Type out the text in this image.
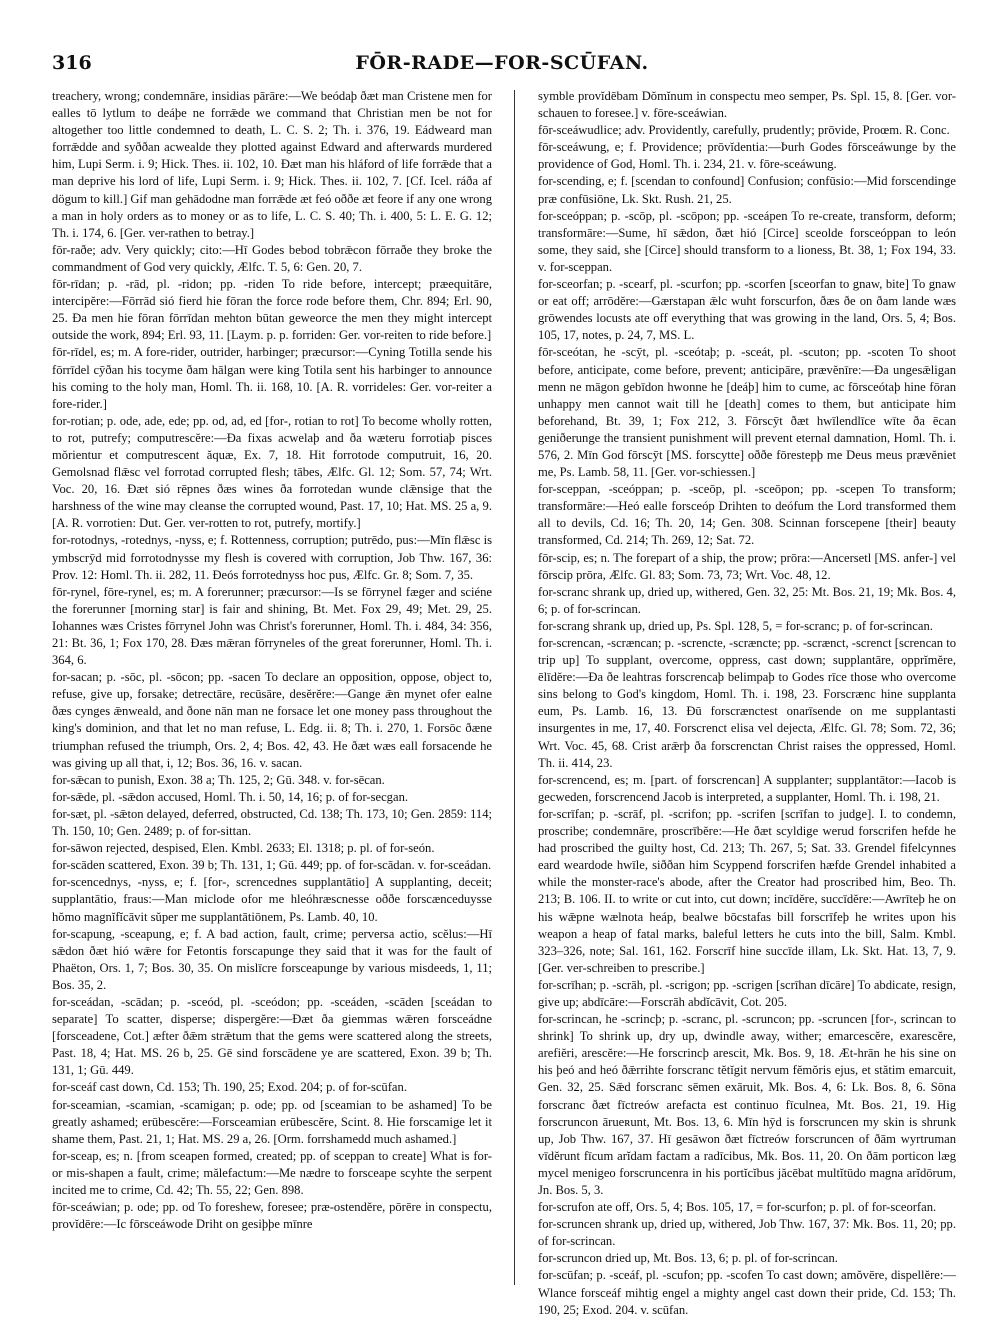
316	FŌR-RADE—FOR-SCŪFAN.

treachery, wrong; condemnāre, insidias pārāre:—We beódaþ ðæt man Cristene men for ealles tō lytlum to deáþe ne forrǣde we command that Christian men be not for altogether too little condemned to death, L. C. S. 2; Th. i. 376, 19. Eádweard man forrǣdde and syððan acwealde they plotted against Edward and afterwards murdered him, Lupi Serm. i. 9; Hick. Thes. ii. 102, 10. Ðæt man his hláford of life forrǣde that a man deprive his lord of life, Lupi Serm. i. 9; Hick. Thes. ii. 102, 7. [Cf. Icel. ráða af dögum to kill.] Gif man gehādodne man forrǣde æt feó oððe æt feore if any one wrong a man in holy orders as to money or as to life, L. C. S. 40; Th. i. 400, 5: L. E. G. 12; Th. i. 174, 6. [Ger. ver-rathen to betray.]

fōr-raðe; adv. Very quickly; cito:—Hī Godes bebod tobrǣcon fōrraðe they broke the commandment of God very quickly, Ælfc. T. 5, 6: Gen. 20, 7.

fōr-rīdan; p. -rād, pl. -ridon; pp. -riden To ride before, intercept; præequitāre, intercipĕre:—Fōrrād sió fierd hie fōran the force rode before them, Chr. 894; Erl. 90, 25. Ða men hie fōran fōrrīdan mehton būtan geweorce the men they might intercept outside the work, 894; Erl. 93, 11. [Laym. p. p. forriden: Ger. vor-reiten to ride before.]

fōr-rīdel, es; m. A fore-rider, outrider, harbinger; præcursor:—Cyning Totilla sende his fōrrīdel cȳðan his tocyme ðam hālgan were king Totila sent his harbinger to announce his coming to the holy man, Homl. Th. ii. 168, 10. [A. R. vorrideles: Ger. vor-reiter a fore-rider.]

for-rotian; p. ode, ade, ede; pp. od, ad, ed [for-, rotian to rot] To become wholly rotten, to rot, putrefy; computrescĕre:—Ða fixas acwelaþ and ða wæteru forrotiaþ pisces mŏrientur et computrescent ăquæ, Ex. 7, 18. Hit forrotode computruit, 16, 20. Gemolsnad flǣsc vel forrotad corrupted flesh; tābes, Ælfc. Gl. 12; Som. 57, 74; Wrt. Voc. 20, 16. Ðæt sió rēpnes ðæs wines ða forrotedan wunde clǣnsige that the harshness of the wine may cleanse the corrupted wound, Past. 17, 10; Hat. MS. 25 a, 9. [A. R. vorrotien: Dut. Ger. ver-rotten to rot, putrefy, mortify.]

for-rotodnys, -rotednys, -nyss, e; f. Rottenness, corruption; putrēdo, pus:—Mīn flǣsc is ymbscrȳd mid forrotodnysse my flesh is covered with corruption, Job Thw. 167, 36: Prov. 12: Homl. Th. ii. 282, 11. Ðeós forrotednyss hoc pus, Ælfc. Gr. 8; Som. 7, 35.

fōr-rynel, fōre-rynel, es; m. A forerunner; præcursor:—Is se fōrrynel fæger and sciéne the forerunner [morning star] is fair and shining, Bt. Met. Fox 29, 49; Met. 29, 25. Iohannes wæs Cristes fōrrynel John was Christ's forerunner, Homl. Th. i. 484, 34: 356, 21: Bt. 36, 1; Fox 170, 28. Ðæs mǣran fōrryneles of the great forerunner, Homl. Th. i. 364, 6.

for-sacan; p. -sōc, pl. -sōcon; pp. -sacen To declare an opposition, oppose, object to, refuse, give up, forsake; detrectāre, recūsāre, desĕrĕre:—Gange ǣn mynet ofer ealne ðæs cynges ǣnweald, and ðone nān man ne forsace let one money pass throughout the king's dominion, and that let no man refuse, L. Edg. ii. 8; Th. i. 270, 1. Forsōc ðæne triumphan refused the triumph, Ors. 2, 4; Bos. 42, 43. He ðæt wæs eall forsacende he was giving up all that, i, 12; Bos. 36, 16. v. sacan.

for-sǣcan to punish, Exon. 38 a; Th. 125, 2; Gū. 348. v. for-sēcan.

for-sǣde, pl. -sǣdon accused, Homl. Th. i. 50, 14, 16; p. of for-secgan.

for-sæt, pl. -sǣton delayed, deferred, obstructed, Cd. 138; Th. 173, 10; Gen. 2859: 114; Th. 150, 10; Gen. 2489; p. of for-sittan.

for-sāwon rejected, despised, Elen. Kmbl. 2633; El. 1318; p. pl. of for-seón.

for-scāden scattered, Exon. 39 b; Th. 131, 1; Gū. 449; pp. of for-scādan. v. for-sceádan.

for-scencednys, -nyss, e; f. [for-, screncednes supplantātio] A supplanting, deceit; supplantātio, fraus:—Man miclode ofor me hleóhræscnesse oððe forscænceduysse hŏmo magnĭfĭcāvit sŭper me supplantātiōnem, Ps. Lamb. 40, 10.

for-scapung, -sceapung, e; f. A bad action, fault, crime; perversa actio, scĕlus:—Hī sǣdon ðæt hió wǣre for Fetontis forscapunge they said that it was for the fault of Phaëton, Ors. 1, 7; Bos. 30, 35. On mislīcre forsceapunge by various misdeeds, 1, 11; Bos. 35, 2.

for-sceádan, -scādan; p. -sceód, pl. -sceódon; pp. -sceáden, -scāden [sceádan to separate] To scatter, disperse; dispergĕre:—Ðæt ða giemmas wǣren forsceádne [forsceadene, Cot.] æfter ðǣm strǣtum that the gems were scattered along the streets, Past. 18, 4; Hat. MS. 26 b, 25. Gē sind forscādene ye are scattered, Exon. 39 b; Th. 131, 1; Gū. 449.

for-sceáf cast down, Cd. 153; Th. 190, 25; Exod. 204; p. of for-scūfan.

for-sceamian, -scamian, -scamigan; p. ode; pp. od [sceamian to be ashamed] To be greatly ashamed; erūbescĕre:—Forsceamian erūbescĕre, Scint. 8. Hie forscamige let it shame them, Past. 21, 1; Hat. MS. 29 a, 26. [Orm. forrshamedd much ashamed.]

for-sceap, es; n. [from sceapen formed, created; pp. of sceppan to create] What is for- or mis-shapen a fault, crime; mălefactum:—Me nædre to forsceape scyhte the serpent incited me to crime, Cd. 42; Th. 55, 22; Gen. 898.

fōr-sceáwian; p. ode; pp. od To foreshew, foresee; præ-ostendĕre, pōrēre in conspectu, provĭdēre:—Ic fōrsceáwode Driht on gesiþþe mīnre

symble provĭdēbam Dŏmĭnum in conspectu meo semper, Ps. Spl. 15, 8. [Ger. vor-schauen to foresee.] v. fōre-sceáwian.

fōr-sceáwudlice; adv. Providently, carefully, prudently; prōvide, Proœm. R. Conc.

fōr-sceáwung, e; f. Providence; prōvĭdentia:—Þurh Godes fōrsceáwunge by the providence of God, Homl. Th. i. 234, 21. v. fōre-sceáwung.

for-scending, e; f. [scendan to confound] Confusion; confūsio:—Mid forscendinge præ confūsiōne, Lk. Skt. Rush. 21, 25.

for-sceóppan; p. -scōp, pl. -scōpon; pp. -sceápen To re-create, transform, deform; transformāre:—Sume, hī sǣdon, ðæt hió [Circe] sceolde forsceóppan to león some, they said, she [Circe] should transform to a lioness, Bt. 38, 1; Fox 194, 33. v. for-sceppan.

for-sceorfan; p. -scearf, pl. -scurfon; pp. -scorfen [sceorfan to gnaw, bite] To gnaw or eat off; arrōdĕre:—Gærstapan ǣlc wuht forscurfon, ðæs ðe on ðam lande wæs grōwendes locusts ate off everything that was growing in the land, Ors. 5, 4; Bos. 105, 17, notes, p. 24, 7, MS. L.

fōr-sceótan, he -scȳt, pl. -sceótaþ; p. -sceát, pl. -scuton; pp. -scoten To shoot before, anticipate, come before, prevent; anticipāre, prævĕnīre:—Ða ungesǣligan menn ne māgon gebīdon hwonne he [deáþ] him to cume, ac fōrsceótaþ hine fōran unhappy men cannot wait till he [death] comes to them, but anticipate him beforehand, Bt. 39, 1; Fox 212, 3. Fōrscȳt ðæt hwīlendlīce wīte ða ēcan geniðerunge the transient punishment will prevent eternal damnation, Homl. Th. i. 576, 2. Mīn God fōrscȳt [MS. forscytte] oððe fōrestepþ me Deus meus prævĕniet me, Ps. Lamb. 58, 11. [Ger. vor-schiessen.]

for-sceppan, -sceóppan; p. -sceōp, pl. -sceōpon; pp. -scepen To transform; transformāre:—Heó ealle forsceóp Drihten to deófum the Lord transformed them all to devils, Cd. 16; Th. 20, 14; Gen. 308. Scinnan forscepene [their] beauty transformed, Cd. 214; Th. 269, 12; Sat. 72.

fōr-scip, es; n. The forepart of a ship, the prow; prōra:—Ancersetl [MS. anfer-] vel fōrscip prōra, Ælfc. Gl. 83; Som. 73, 73; Wrt. Voc. 48, 12.

for-scranc shrank up, dried up, withered, Gen. 32, 25: Mt. Bos. 21, 19; Mk. Bos. 4, 6; p. of for-scrincan.

for-scrang shrank up, dried up, Ps. Spl. 128, 5, = for-scranc; p. of for-scrincan.

for-screncan, -scræncan; p. -screncte, -scræncte; pp. -scrænct, -screnct [screncan to trip up] To supplant, overcome, oppress, cast down; supplantāre, opprĭmĕre, ēlīdĕre:—Ða ðe leahtras forscrencaþ belimpaþ to Godes rīce those who overcome sins belong to God's kingdom, Homl. Th. i. 198, 23. Forscrænc hine supplanta eum, Ps. Lamb. 16, 13. Ðū forscrænctest onarīsende on me supplantasti insurgentes in me, 17, 40. Forscrenct elisa vel dejecta, Ælfc. Gl. 78; Som. 72, 36; Wrt. Voc. 45, 68. Crist arǣrþ ða forscrenctan Christ raises the oppressed, Homl. Th. ii. 414, 23.

for-screncend, es; m. [part. of forscrencan] A supplanter; supplantātor:—Iacob is gecweden, forscrencend Jacob is interpreted, a supplanter, Homl. Th. i. 198, 21.

for-scrīfan; p. -scrāf, pl. -scrifon; pp. -scrifen [scrīfan to judge]. I. to condemn, proscribe; condemnāre, proscrībĕre:—He ðæt scyldige werud forscrifen hefde he had proscribed the guilty host, Cd. 213; Th. 267, 5; Sat. 33. Grendel fifelcynnes eard weardode hwīle, siððan him Scyppend forscrifen hæfde Grendel inhabited a while the monster-race's abode, after the Creator had proscribed him, Beo. Th. 213; B. 106. II. to write or cut into, cut down; incīdĕre, succīdĕre:—Awrīteþ he on his wǣpne wælnota heáp, bealwe bōcstafas bill forscrīfeþ he writes upon his weapon a heap of fatal marks, baleful letters he cuts into the bill, Salm. Kmbl. 323–326, note; Sal. 161, 162. Forscrīf hine succīde illam, Lk. Skt. Hat. 13, 7, 9. [Ger. ver-schreiben to prescribe.]

for-scrīhan; p. -scrāh, pl. -scrigon; pp. -scrigen [scrīhan dīcāre] To abdicate, resign, give up; abdīcāre:—Forscrāh abdĭcāvit, Cot. 205.

for-scrincan, he -scrincþ; p. -scranc, pl. -scruncon; pp. -scruncen [for-, scrincan to shrink] To shrink up, dry up, dwindle away, wither; emarcescĕre, exarescĕre, arefiĕri, arescĕre:—He forscrincþ arescit, Mk. Bos. 9, 18. Æt-hrān he his sine on his þeó and heó ðǣrrihte forscranc tĕtĭgit nervum fĕmŏris ejus, et stătim emarcuit, Gen. 32, 25. Sǣd forscranc sēmen exāruit, Mk. Bos. 4, 6: Lk. Bos. 8, 6. Sōna forscranc ðæt fīctreów arefacta est continuo fīculnea, Mt. Bos. 21, 19. Hig forscruncon ārueʀunt, Mt. Bos. 13, 6. Mīn hȳd is forscruncen my skin is shrunk up, Job Thw. 167, 37. Hī gesāwon ðæt fīctreów forscruncen of ðām wyrtruman vīdĕrunt fīcum arĭdam factam a radīcibus, Mk. Bos. 11, 20. On ðām porticon læg mycel menigeo forscruncenra in his portĭcĭbus jăcēbat multĭtūdo magna arĭdōrum, Jn. Bos. 5, 3.

for-scrufon ate off, Ors. 5, 4; Bos. 105, 17, = for-scurfon; p. pl. of for-sceorfan.

for-scruncen shrank up, dried up, withered, Job Thw. 167, 37: Mk. Bos. 11, 20; pp. of for-scrincan.

for-scruncon dried up, Mt. Bos. 13, 6; p. pl. of for-scrincan.

for-scūfan; p. -sceáf, pl. -scufon; pp. -scofen To cast down; amŏvēre, dispellĕre:—Wlance forsceáf mihtig engel a mighty angel cast down their pride, Cd. 153; Th. 190, 25; Exod. 204. v. scūfan.
